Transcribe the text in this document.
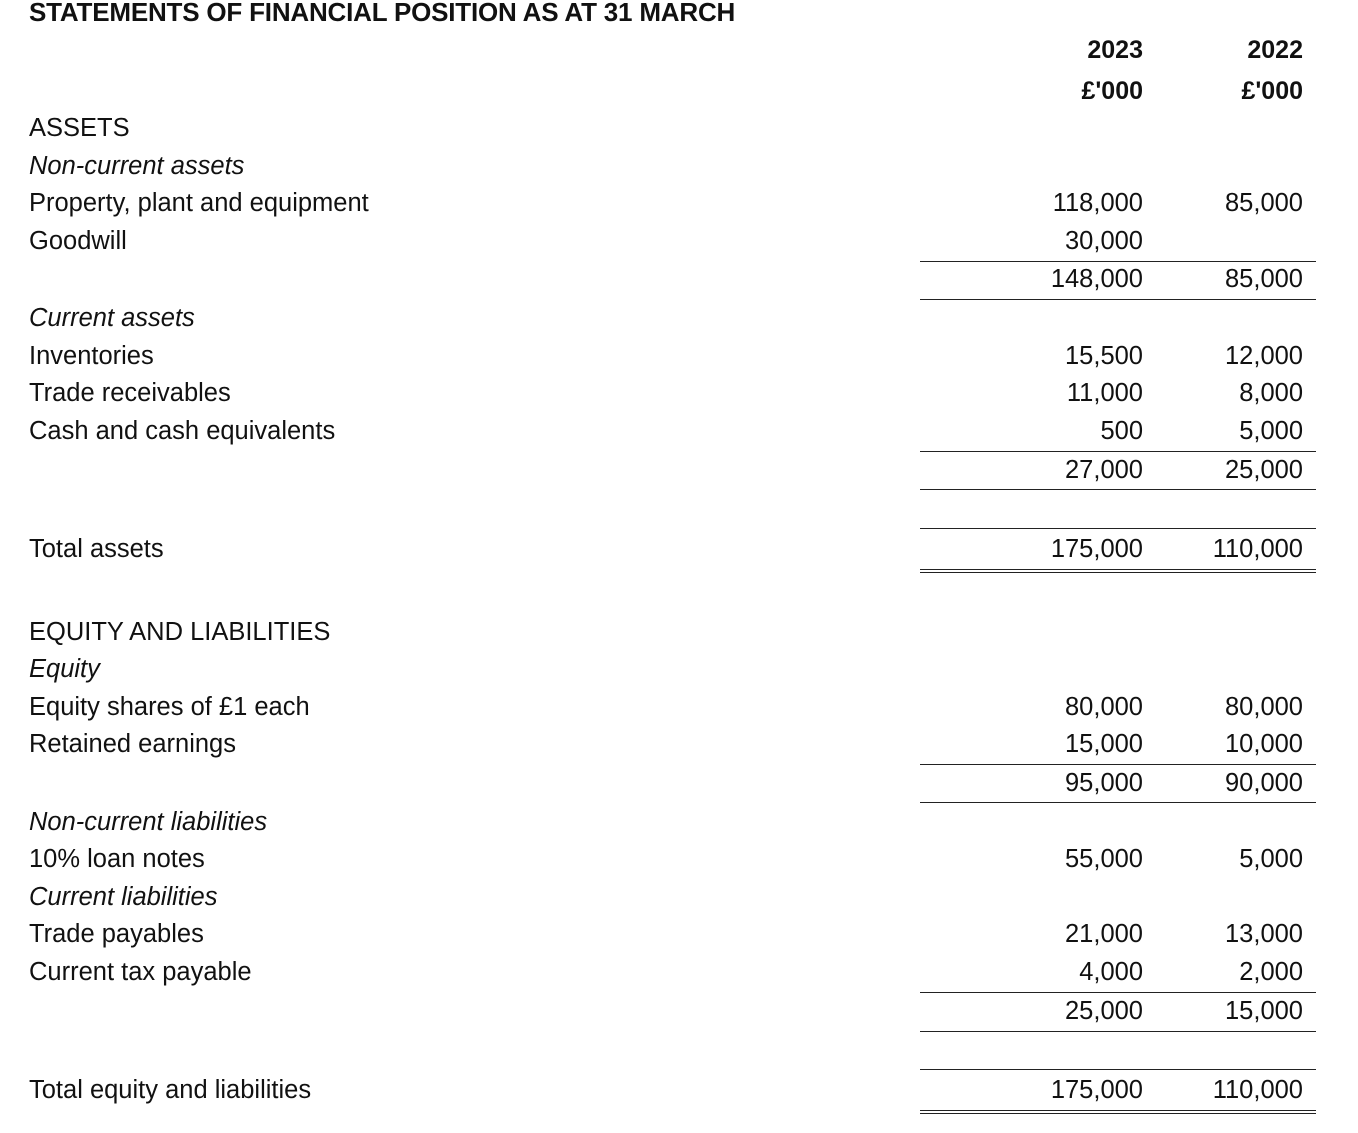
STATEMENTS OF FINANCIAL POSITION AS AT 31 MARCH
2023	2022
£'000	£'000
ASSETS
Non-current assets
Property, plant and equipment	118,000	85,000
Goodwill	30,000
148,000	85,000
Current assets
Inventories	15,500	12,000
Trade receivables	11,000	8,000
Cash and cash equivalents	500	5,000
27,000	25,000
Total assets	175,000	110,000
EQUITY AND LIABILITIES
Equity
Equity shares of £1 each	80,000	80,000
Retained earnings	15,000	10,000
95,000	90,000
Non-current liabilities
10% loan notes	55,000	5,000
Current liabilities
Trade payables	21,000	13,000
Current tax payable	4,000	2,000
25,000	15,000
Total equity and liabilities	175,000	110,000
